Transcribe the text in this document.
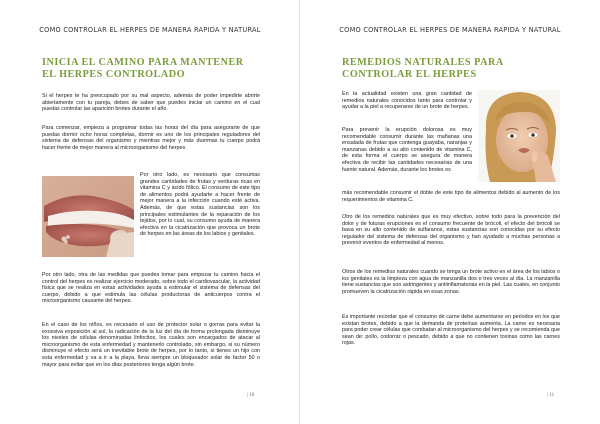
COMO CONTROLAR EL HERPES DE MANERA RAPIDA Y NATURAL
INICIA EL CAMINO PARA MANTENER EL HERPES CONTROLADO

Si el herpes te ha preocupado por su mal aspecto, además de poder impedirte abrirte abiertamente con tu pareja, debes de saber que puedes iniciar un camino en el cual puedas controlar las aparición brotes durante el año.

Para comenzar, empieza a programar todas las horas del día para asegurarte de que puedas dormir ocho horas completas, dormir es uno de los principales reguladores del sistema de defensas del organismo y mientras mejor y más duermas tu cuerpo podrá hacer frente de mejor manera al microorganismo del herpes.

Por otro lado, es necesario que consumas grandes cantidades de frutas y verduras ricas en vitamina C y ácido fólico. El consumo de este tipo de alimentos podrá ayudarte a hacer frente de mejor manera a la infección cuando esté activa. Además, de que estas sustancias son los principales estimulantes de la reparación de los tejidos, por lo cual, su consumo ayuda de manera efectiva en la cicatrización que provoca un brote de herpes en las áreas de los labios y genitales.

Por otro lado, otra de las medidas que puedes tomar para empezar tu camino hacia el control del herpes es realizar ejercicio moderado, sobre todo el cardiovascular, la actividad física que se realiza en estas actividades ayuda a estimular el sistema de defensas del cuerpo, debido a que estimula las células productoras de anticuerpos contra el microorganismo causante del herpes.

En el caso de los niños, es necesario el uso de protector solar o gorras para evitar la excesiva exposición al sol, la radicación de la luz del día de forma prolongada disminuye los niveles de células denominadas linfocitos, los cuales son encargados de atacar al microorganismo de esta enfermedad y mantenerlo controlado, sin embargo, si su número disminuye el efecto será un inevitable brote de herpes, por lo tanto, si tienes un hijo con esta enfermedad y va a ir a la playa, lleva siempre un bloqueador solar de factor 50 o mayor para evitar que en los días posteriores tenga algún brote.

| 10
COMO CONTROLAR EL HERPES DE MANERA RAPIDA Y NATURAL
REMEDIOS NATURALES PARA CONTROLAR EL HERPES

En la actualidad existen una gran cantidad de remedios naturales conocidos tanto para controlar y ayudar a la piel a recuperarse de un brote de herpes.

Para prevenir la erupción dolorosa es muy recomendable consumir durante las mañanas una ensalada de frutas que contenga guayaba, naranjas y manzanas debido a su alto contenido de vitamina C, de esta forma el cuerpo se asegura de manera efectiva de recibir las cantidades necesarias de una fuente natural. Además, durante los brotes es

más recomendable consumir el doble de este tipo de alimentos debido al aumento de los requerimientos de vitamina C.

Otro de los remedios naturales que es muy efectivo, sobre todo para la prevención del dolor y de futuras erupciones es el consumo frecuente de brócoli, el efecto del brócoli se basa en su alto contenido de sulfaranos, estas sustancias son conocidas por su efecto regulador del sistema de defensas del organismo y han ayudado a muchas personas a prevenir eventos de enfermedad al menos.

Otros de los remedios naturales cuando se tenga un brote activo en el área de los labios o los genitales es la limpieza con agua de manzanilla dos o tres veces al día. La manzanilla tiene sustancias que son astringentes y antiinflamatorias en la piel. Las cuales, en conjunto promueven la cicatrización rápida en esas zonas.

Es importante recordar que el consumo de carne debe aumentarse en periodos en los que existan brotes, debido a que la demanda de proteínas aumenta. La carne es necesaria para poder crear células que combatan al microorganismo del herpes y se recomienda que sean de: pollo, codorniz o pescado, debido a que no contienen toxinas como las carnes rojas.

| 11
